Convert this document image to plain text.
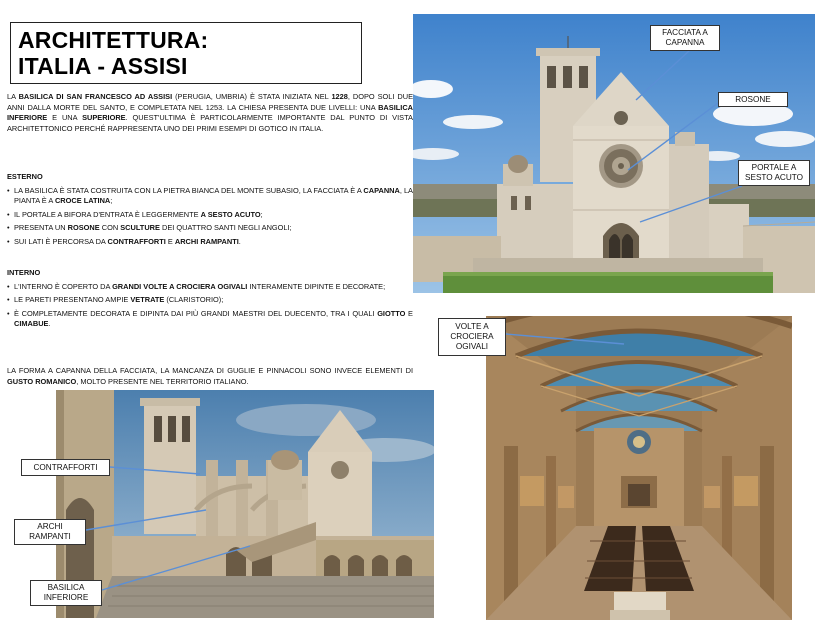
ARCHITETTURA:
ITALIA - ASSISI

LA BASILICA DI SAN FRANCESCO AD ASSISI (PERUGIA, UMBRIA) È STATA INIZIATA NEL 1228, DOPO SOLI DUE ANNI DALLA MORTE DEL SANTO, E COMPLETATA NEL 1253. LA CHIESA PRESENTA DUE LIVELLI: UNA BASILICA INFERIORE E UNA SUPERIORE. QUEST'ULTIMA È PARTICOLARMENTE IMPORTANTE DAL PUNTO DI VISTA ARCHITETTONICO PERCHÉ RAPPRESENTA UNO DEI PRIMI ESEMPI DI GOTICO IN ITALIA.

ESTERNO

• LA BASILICA È STATA COSTRUITA CON LA PIETRA BIANCA DEL MONTE SUBASIO, LA FACCIATA È A CAPANNA, LA PIANTA È A CROCE LATINA;

• IL PORTALE A BIFORA D'ENTRATA È LEGGERMENTE A SESTO ACUTO;

• PRESENTA UN ROSONE CON SCULTURE DEI QUATTRO SANTI NEGLI ANGOLI;

• SUI LATI È PERCORSA DA CONTRAFFORTI E ARCHI RAMPANTI.

INTERNO

• L'INTERNO È COPERTO DA GRANDI VOLTE A CROCIERA OGIVALI INTERAMENTE DIPINTE E DECORATE;

• LE PARETI PRESENTANO AMPIE VETRATE (CLARISTORIO);

• È COMPLETAMENTE DECORATA E DIPINTA DAI PIÙ GRANDI MAESTRI DEL DUECENTO, TRA I QUALI GIOTTO E CIMABUE.

LA FORMA A CAPANNA DELLA FACCIATA, LA MANCANZA DI GUGLIE E PINNACOLI SONO INVECE ELEMENTI DI GUSTO ROMANICO, MOLTO PRESENTE NEL TERRITORIO ITALIANO.

FACCIATA A CAPANNA
ROSONE
PORTALE A SESTO ACUTO
VOLTE A CROCIERA OGIVALI
CONTRAFFORTI
ARCHI RAMPANTI
BASILICA INFERIORE
